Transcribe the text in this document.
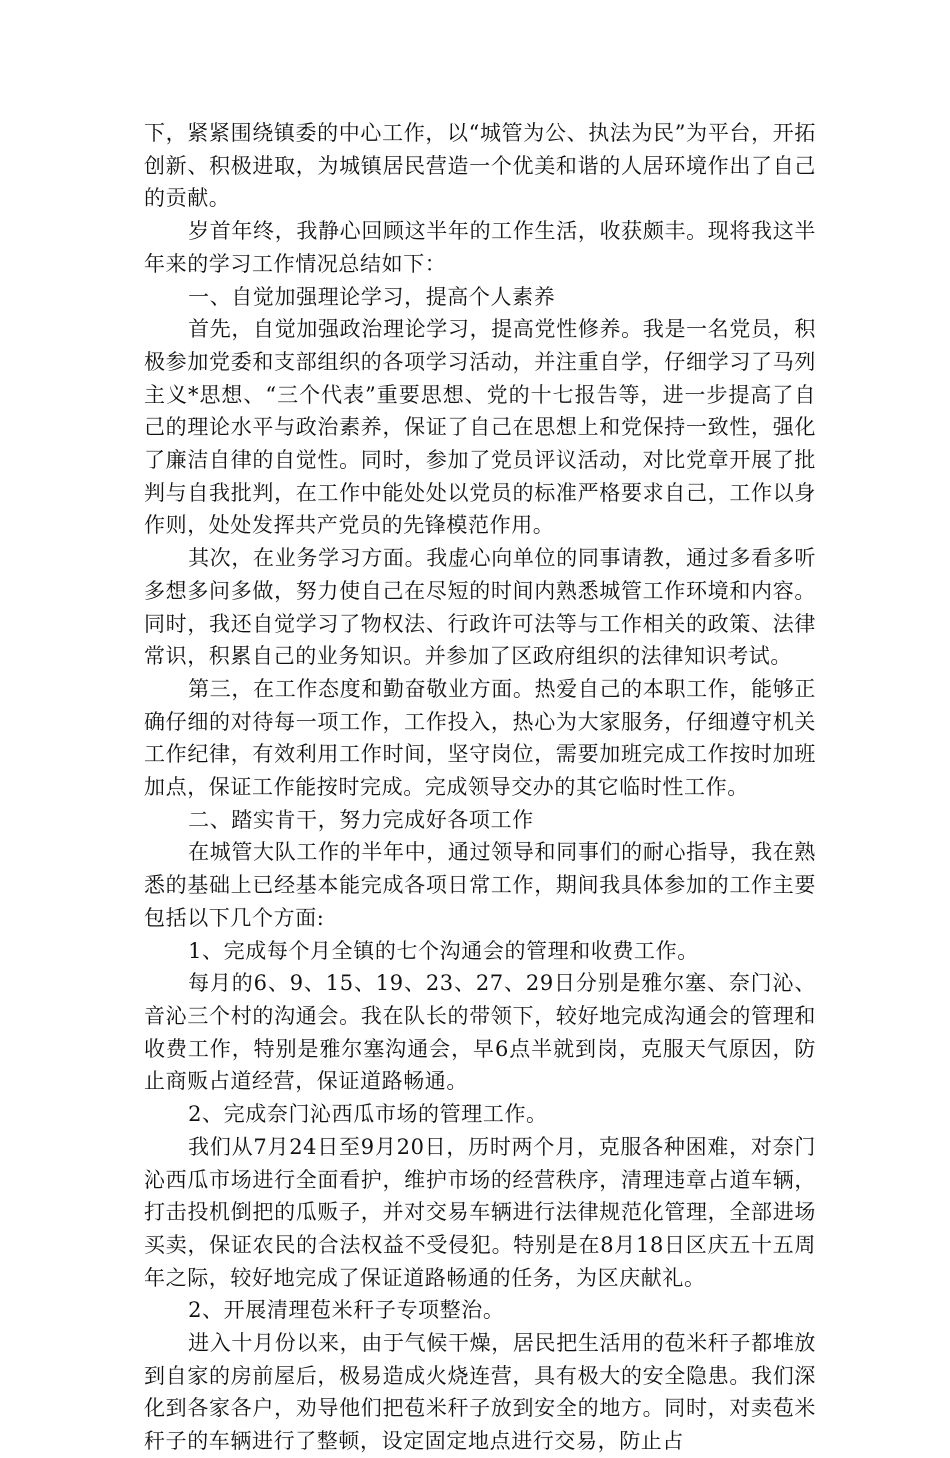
下，紧紧围绕镇委的中心工作，以“城管为公、执法为民”为平台，开拓创新、积极进取，为城镇居民营造一个优美和谐的人居环境作出了自己的贡献。

岁首年终，我静心回顾这半年的工作生活，收获颇丰。现将我这半年来的学习工作情况总结如下：

一、自觉加强理论学习，提高个人素养

首先，自觉加强政治理论学习，提高党性修养。我是一名党员，积极参加党委和支部组织的各项学习活动，并注重自学，仔细学习了马列主义*思想、“三个代表”重要思想、党的十七报告等，进一步提高了自己的理论水平与政治素养，保证了自己在思想上和党保持一致性，强化了廉洁自律的自觉性。同时，参加了党员评议活动，对比党章开展了批判与自我批判，在工作中能处处以党员的标准严格要求自己，工作以身作则，处处发挥共产党员的先锋模范作用。

其次，在业务学习方面。我虚心向单位的同事请教，通过多看多听多想多问多做，努力使自己在尽短的时间内熟悉城管工作环境和内容。同时，我还自觉学习了物权法、行政许可法等与工作相关的政策、法律常识，积累自己的业务知识。并参加了区政府组织的法律知识考试。

第三，在工作态度和勤奋敬业方面。热爱自己的本职工作，能够正确仔细的对待每一项工作，工作投入，热心为大家服务，仔细遵守机关工作纪律，有效利用工作时间，坚守岗位，需要加班完成工作按时加班加点，保证工作能按时完成。完成领导交办的其它临时性工作。

二、踏实肯干，努力完成好各项工作

在城管大队工作的半年中，通过领导和同事们的耐心指导，我在熟悉的基础上已经基本能完成各项日常工作，期间我具体参加的工作主要包括以下几个方面:

1、完成每个月全镇的七个沟通会的管理和收费工作。

每月的6、9、15、19、23、27、29日分别是雅尔塞、奈门沁、音沁三个村的沟通会。我在队长的带领下，较好地完成沟通会的管理和收费工作，特别是雅尔塞沟通会，早6点半就到岗，克服天气原因，防止商贩占道经营，保证道路畅通。

2、完成奈门沁西瓜市场的管理工作。

我们从7月24日至9月20日，历时两个月，克服各种困难，对奈门沁西瓜市场进行全面看护，维护市场的经营秩序，清理违章占道车辆，打击投机倒把的瓜贩子，并对交易车辆进行法律规范化管理，全部进场买卖，保证农民的合法权益不受侵犯。特别是在8月18日区庆五十五周年之际，较好地完成了保证道路畅通的任务，为区庆献礼。

2、开展清理苞米秆子专项整治。

进入十月份以来，由于气候干燥，居民把生活用的苞米秆子都堆放到自家的房前屋后，极易造成火烧连营，具有极大的安全隐患。我们深化到各家各户，劝导他们把苞米秆子放到安全的地方。同时，对卖苞米秆子的车辆进行了整顿，设定固定地点进行交易，防止占
